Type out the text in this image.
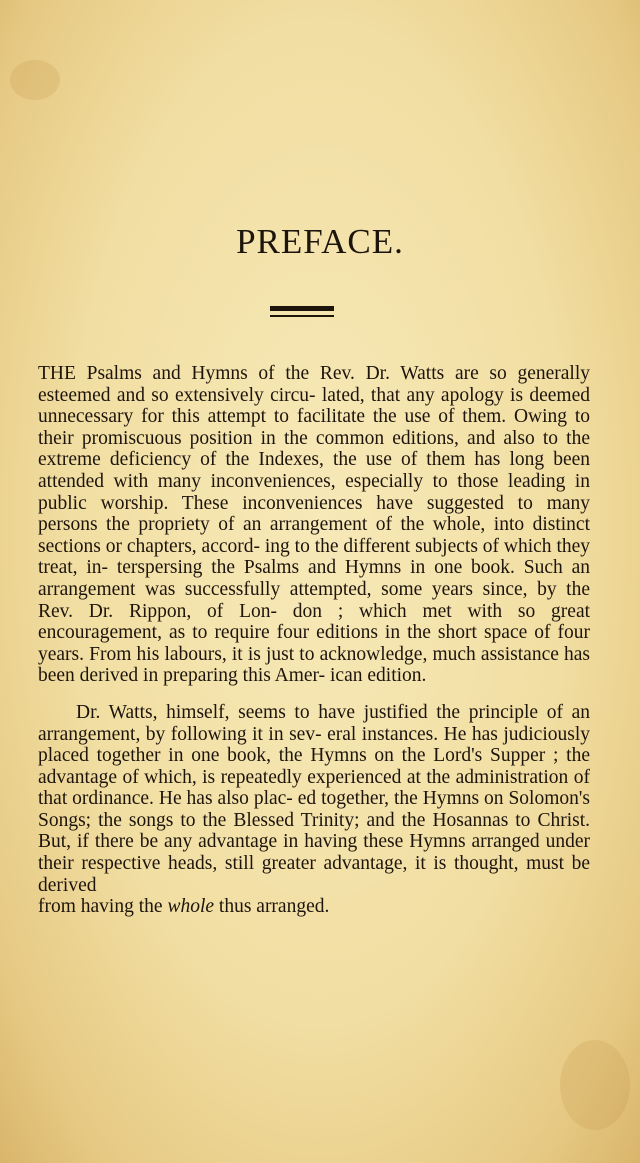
PREFACE.

THE Psalms and Hymns of the Rev. Dr. Watts are so generally esteemed and so extensively circu- lated, that any apology is deemed unnecessary for this attempt to facilitate the use of them. Owing to their promiscuous position in the common editions, and also to the extreme deficiency of the Indexes, the use of them has long been attended with many inconveniences, especially to those leading in public worship. These inconveniences have suggested to many persons the propriety of an arrangement of the whole, into distinct sections or chapters, accord- ing to the different subjects of which they treat, in- terspersing the Psalms and Hymns in one book. Such an arrangement was successfully attempted, some years since, by the Rev. Dr. Rippon, of Lon- don ; which met with so great encouragement, as to require four editions in the short space of four years. From his labours, it is just to acknowledge, much assistance has been derived in preparing this Amer- ican edition.

Dr. Watts, himself, seems to have justified the principle of an arrangement, by following it in sev- eral instances. He has judiciously placed together in one book, the Hymns on the Lord's Supper ; the advantage of which, is repeatedly experienced at the administration of that ordinance. He has also plac- ed together, the Hymns on Solomon's Songs; the songs to the Blessed Trinity; and the Hosannas to Christ. But, if there be any advantage in having these Hymns arranged under their respective heads, still greater advantage, it is thought, must be derived

from having the whole thus arranged.
